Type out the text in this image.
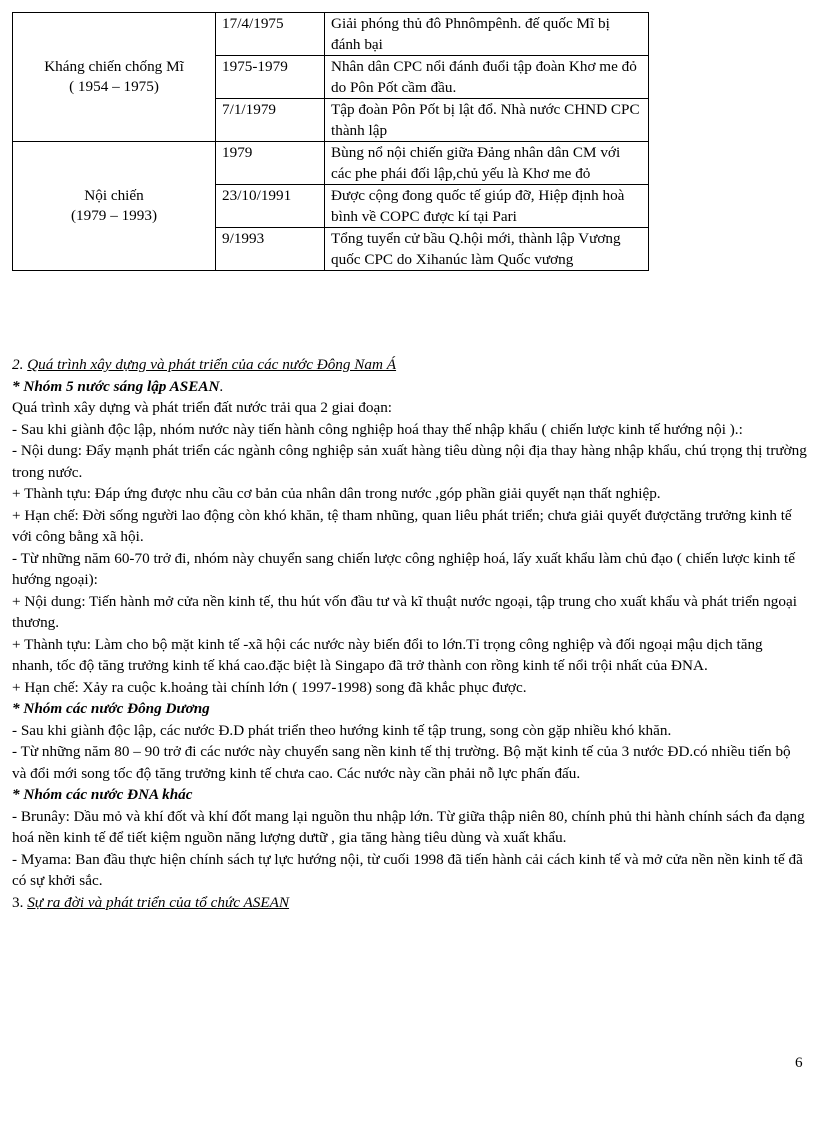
Kháng chiến chống Mĩ
( 1954 – 1975)	17/4/1975	Giải phóng thủ đô Phnômpênh. đế quốc Mĩ bị đánh bại
	1975-1979	Nhân dân CPC nổi đánh đuổi tập đoàn Khơ me đỏ do Pôn Pốt cầm đầu.
	7/1/1979	Tập đoàn Pôn Pốt bị lật đổ. Nhà nước CHND CPC thành lập
Nội chiến
(1979 – 1993)	1979	Bùng nổ nội chiến giữa Đảng nhân dân CM với các phe phái đối lập,chủ yếu là Khơ me đỏ
	23/10/1991	Được cộng đong quốc tế giúp đỡ, Hiệp định hoà bình về COPC được kí tại Pari
	9/1993	Tổng tuyển cử bầu Q.hội mới, thành lập Vương quốc CPC do Xihanúc làm Quốc vương

2. Quá trình xây dựng và phát triển của các nước Đông Nam Á

* Nhóm 5 nước sáng lập ASEAN.

Quá trình xây dựng và phát triển đất nước trải qua 2 giai đoạn:

- Sau khi giành độc lập, nhóm nước này tiến hành công nghiệp hoá thay thế nhập khẩu ( chiến lược kinh tế hướng nội ).:

- Nội dung: Đẩy mạnh phát triển các ngành công nghiệp sản xuất hàng tiêu dùng nội địa thay hàng nhập khẩu, chú trọng thị trường trong nước.

+ Thành tựu: Đáp ứng được nhu cầu cơ bản của nhân dân trong nước ,góp phần giải quyết nạn thất nghiệp.

+ Hạn chế: Đời sống người lao động còn khó khăn, tệ tham nhũng, quan liêu phát triển; chưa giải quyết đượctăng trưởng kinh tế với công bằng xã hội.

- Từ những năm 60-70 trở đi, nhóm này chuyển sang chiến lược công nghiệp hoá, lấy xuất khẩu làm chủ đạo ( chiến lược kinh tế hướng ngoại):

+ Nội dung: Tiến hành mở cửa nền kinh tế, thu hút vốn đầu tư và kĩ thuật nước ngoại, tập trung cho xuất khẩu và phát triển ngoại thương.

+ Thành tựu: Làm cho bộ mặt kinh tế -xã hội các nước này biến đổi to lớn.Tỉ trọng công nghiệp và đối ngoại mậu dịch tăng nhanh, tốc độ tăng trưởng kinh tế khá cao.đặc biệt là Singapo đã trở thành con rồng kinh tế nổi trội nhất của ĐNA.

+ Hạn chế: Xảy ra cuộc k.hoảng tài chính lớn ( 1997-1998) song đã khắc phục được.

* Nhóm các nước Đông Dương

- Sau khi giành độc lập, các nước Đ.D phát triển theo hướng kinh tế tập trung, song còn gặp nhiều khó khăn.

- Từ những năm 80 – 90 trở đi các nước này chuyển sang nền kinh tế thị trường. Bộ mặt kinh tế của 3 nước ĐD.có nhiều tiến bộ và đổi mới song tốc độ tăng trưởng kinh tế chưa cao. Các nước này cần phải nỗ lực phấn đấu.

* Nhóm các nước ĐNA khác

- Brunây: Dầu mỏ và khí đốt và khí đốt mang lại nguồn thu nhập lớn. Từ giữa thập niên 80, chính phủ thi hành chính sách đa dạng hoá nền kinh tế để tiết kiệm nguồn năng lượng dưtữ , gia tăng hàng tiêu dùng và xuất khẩu.

- Myama: Ban đầu thực hiện chính sách tự lực hướng nội, từ cuối 1998 đã tiến hành cải cách kinh tế và mở cửa nền nền kinh tế đã có sự khởi sắc.

3. Sự ra đời và phát triển của tổ chức ASEAN

6
